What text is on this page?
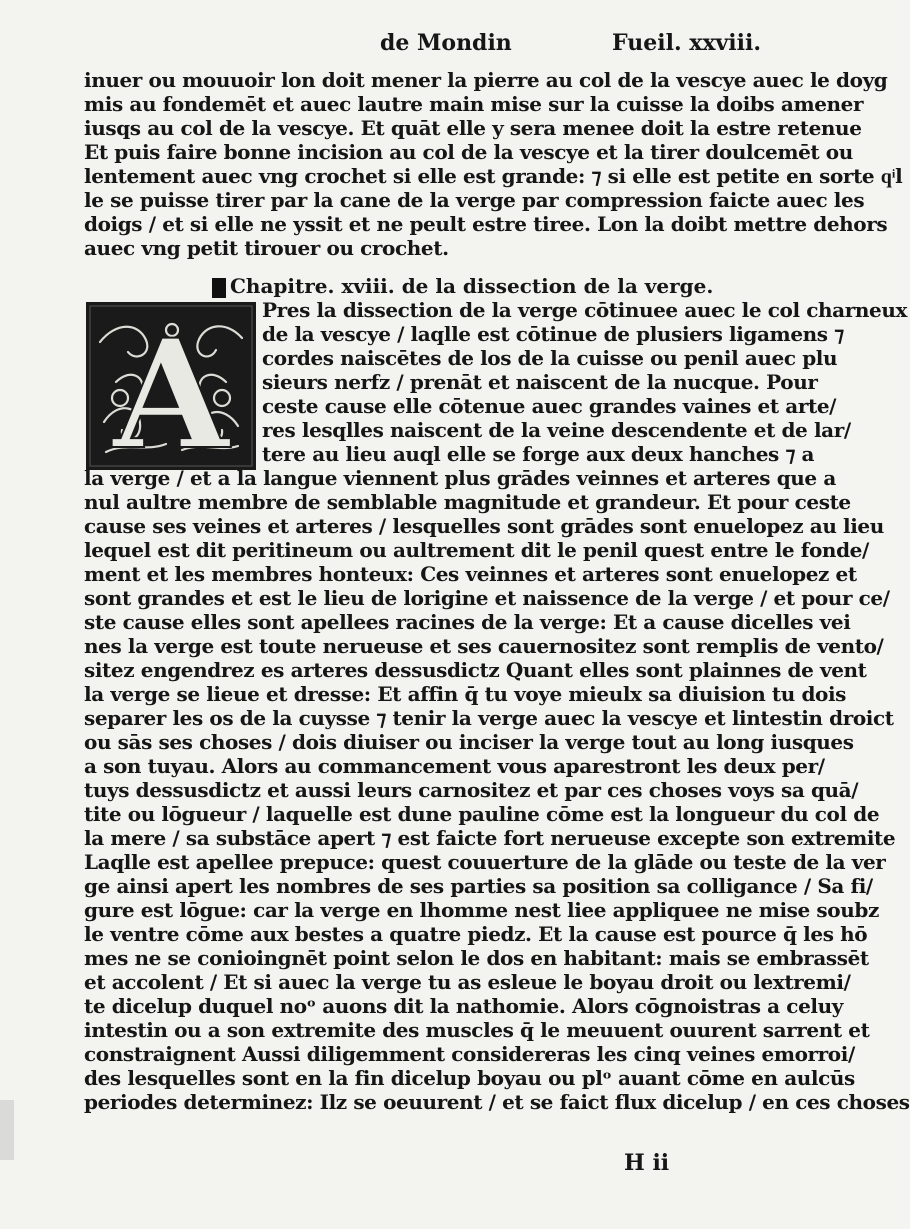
de Mondin	Fueil. xxviii.
inuer ou mouuoir lon doit mener la pierre au col de la vescye auec le doyg
mis au fondemēt et auec lautre main mise sur la cuisse la doibs amener
iusqs au col de la vescye. Et quāt elle y sera menee doit la estre retenue
Et puis faire bonne incision au col de la vescye et la tirer doulcemēt ou
lentement auec vng crochet si elle est grande: ⁊ si elle est petite en sorte qͥl
le se puisse tirer par la cane de la verge par compression faicte auec les
doigs / et si elle ne yssit et ne peult estre tiree. Lon la doibt mettre dehors
auec vng petit tirouer ou crochet.
Chapitre. xviii. de la dissection de la verge.
A	Pres la dissection de la verge cōtinuee auec le col charneux
de la vescye / laqlle est cōtinue de plusiers ligamens ⁊
cordes naiscētes de los de la cuisse ou penil auec plu
sieurs nerfz / prenāt et naiscent de la nucque. Pour
ceste cause elle cōtenue auec grandes vaines et arte/
res lesqlles naiscent de la veine descendente et de lar/
tere au lieu auql elle se forge aux deux hanches ⁊ a
la verge / et a la langue viennent plus grādes veinnes et arteres que a
nul aultre membre de semblable magnitude et grandeur. Et pour ceste
cause ses veines et arteres / lesquelles sont grādes sont enuelopez au lieu
lequel est dit peritineum ou aultrement dit le penil quest entre le fonde/
ment et les membres honteux: Ces veinnes et arteres sont enuelopez et
sont grandes et est le lieu de lorigine et naissence de la verge / et pour ce/
ste cause elles sont apellees racines de la verge: Et a cause dicelles vei
nes la verge est toute nerueuse et ses cauernositez sont remplis de vento/
sitez engendrez es arteres dessusdictz Quant elles sont plainnes de vent
la verge se lieue et dresse: Et affin q̄ tu voye mieulx sa diuision tu dois
separer les os de la cuysse ⁊ tenir la verge auec la vescye et lintestin droict
ou sās ses choses / dois diuiser ou inciser la verge tout au long iusques
a son tuyau. Alors au commancement vous aparestront les deux per/
tuys dessusdictz et aussi leurs carnositez et par ces choses voys sa quā/
tite ou lōgueur / laquelle est dune pauline cōme est la longueur du col de
la mere / sa substāce apert ⁊ est faicte fort nerueuse excepte son extremite
Laqlle est apellee prepuce: quest couuerture de la glāde ou teste de la ver
ge ainsi apert les nombres de ses parties sa position sa colligance / Sa fi/
gure est lōgue: car la verge en lhomme nest liee appliquee ne mise soubz
le ventre cōme aux bestes a quatre piedz. Et la cause est pource q̄ les hō
mes ne se conioingnēt point selon le dos en habitant: mais se embrassēt
et accolent / Et si auec la verge tu as esleue le boyau droit ou lextremi/
te dicelup duquel noᵒ auons dit la nathomie. Alors cōgnoistras a celuy
intestin ou a son extremite des muscles q̄ le meuuent ouurent sarrent et
constraignent Aussi diligemment considereras les cinq veines emorroi/
des lesquelles sont en la fin dicelup boyau ou plᵒ auant cōme en aulcūs
periodes determinez: Ilz se oeuurent / et se faict flux dicelup / en ces choses
H ii
